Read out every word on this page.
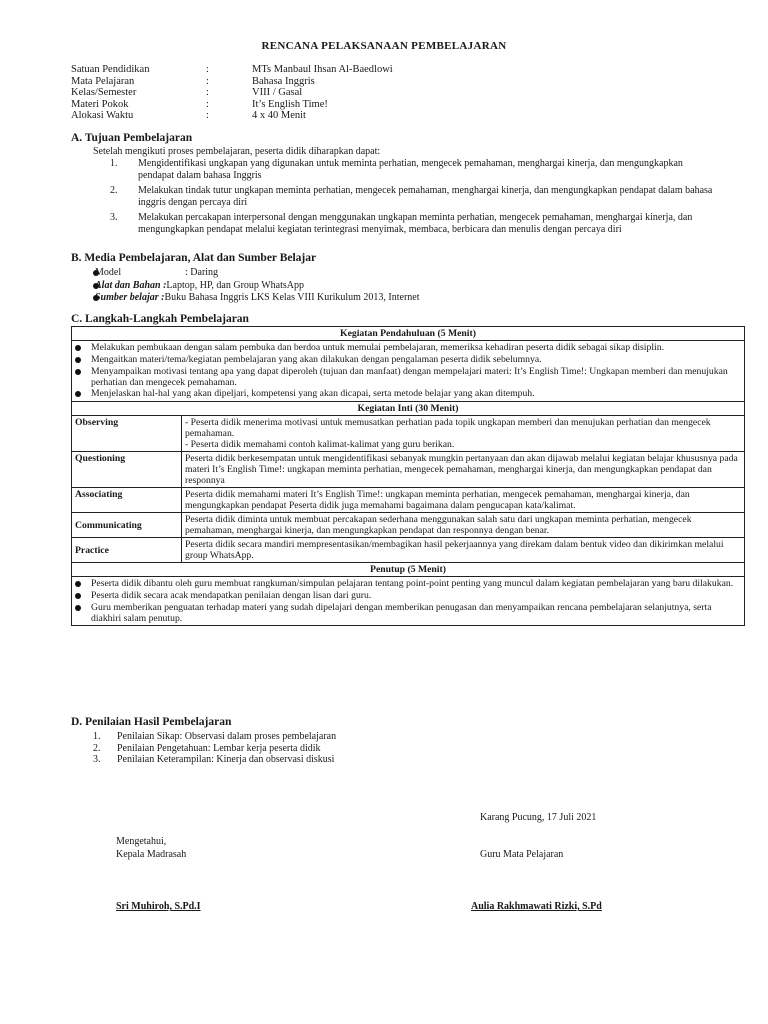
RENCANA PELAKSANAAN PEMBELAJARAN
Satuan Pendidikan	:	MTs Manbaul Ihsan Al-Baedlowi
Mata Pelajaran	:	Bahasa Inggris
Kelas/Semester	:	VIII / Gasal
Materi Pokok	:	It’s English Time!
Alokasi Waktu	:	4 x 40 Menit
A. Tujuan Pembelajaran
Setelah mengikuti proses pembelajaran, peserta didik diharapkan dapat:
1.	Mengidentifikasi ungkapan yang digunakan untuk meminta perhatian, mengecek pemahaman, menghargai kinerja, dan mengungkapkan pendapat dalam bahasa Inggris
2.	Melakukan tindak tutur ungkapan meminta perhatian, mengecek pemahaman, menghargai kinerja, dan mengungkapkan pendapat dalam bahasa inggris dengan percaya diri
3.	Melakukan percakapan interpersonal dengan menggunakan ungkapan meminta perhatian, mengecek pemahaman, menghargai kinerja, dan mengungkapkan pendapat melalui kegiatan terintegrasi menyimak, membaca, berbicara dan menulis dengan percaya diri
B. Media Pembelajaran, Alat dan Sumber Belajar
Model	: Daring
Alat dan Bahan : Laptop, HP, dan Group WhatsApp
Sumber belajar : Buku Bahasa Inggris LKS Kelas VIII Kurikulum 2013, Internet
C. Langkah-Langkah Pembelajaran
Kegiatan Pendahuluan (5 Menit)	

Melakukan pembukaan dengan salam pembuka dan berdoa untuk memulai pembelajaran, memeriksa kehadiran peserta didik sebagai sikap disiplin.
Mengaitkan materi/tema/kegiatan pembelajaran yang akan dilakukan dengan pengalaman peserta didik sebelumnya.
Menyampaikan motivasi tentang apa yang dapat diperoleh (tujuan dan manfaat) dengan mempelajari materi: It’s English Time!: Ungkapan memberi dan menujukan perhatian dan mengecek pemahaman.
Menjelaskan hal-hal yang akan dipeljari, kompetensi yang akan dicapai, serta metode belajar yang akan ditempuh.	

Kegiatan Inti (30 Menit)	
Observing	- Peserta didik menerima motivasi untuk memusatkan perhatian pada topik ungkapan memberi dan menujukan perhatian dan mengecek pemahaman.
- Peserta didik memahami contoh kalimat-kalimat yang guru berikan.
Questioning	Peserta didik berkesempatan untuk mengidentifikasi sebanyak mungkin pertanyaan dan akan dijawab melalui kegiatan belajar khususnya pada materi It’s English Time!: ungkapan meminta perhatian, mengecek pemahaman, menghargai kinerja, dan mengungkapkan pendapat dan responnya
Associating	Peserta didik memahami materi It’s English Time!: ungkapan meminta perhatian, mengecek pemahaman, menghargai kinerja, dan mengungkapkan pendapat Peserta didik juga memahami bagaimana dalam pengucapan kata/kalimat.
Communicating	Peserta didik diminta untuk membuat percakapan sederhana menggunakan salah satu dari ungkapan meminta perhatian, mengecek pemahaman, menghargai kinerja, dan mengungkapkan pendapat dan responnya dengan benar.
Practice	Peserta didik secara mandiri mempresentasikan/membagikan hasil pekerjaannya yang direkam dalam bentuk video dan dikirimkan melalui group WhatsApp.
Penutup (5 Menit)	

Peserta didik dibantu oleh guru membuat rangkuman/simpulan pelajaran tentang point-point penting yang muncul dalam kegiatan pembelajaran yang baru dilakukan.
Peserta didik secara acak mendapatkan penilaian dengan lisan dari guru.
Guru memberikan penguatan terhadap materi yang sudah dipelajari dengan memberikan penugasan dan menyampaikan rencana pembelajaran selanjutnya, serta diakhiri salam penutup.	
D. Penilaian Hasil Pembelajaran
1.	Penilaian Sikap: Observasi dalam proses pembelajaran
2.	Penilaian Pengetahuan: Lembar kerja peserta didik
3.	Penilaian Keterampilan: Kinerja dan observasi diskusi
Karang Pucung, 17 Juli 2021
Mengetahui,
Kepala Madrasah	Guru Mata Pelajaran
Sri Muhiroh, S.Pd.I	Aulia Rakhmawati Rizki, S.Pd
